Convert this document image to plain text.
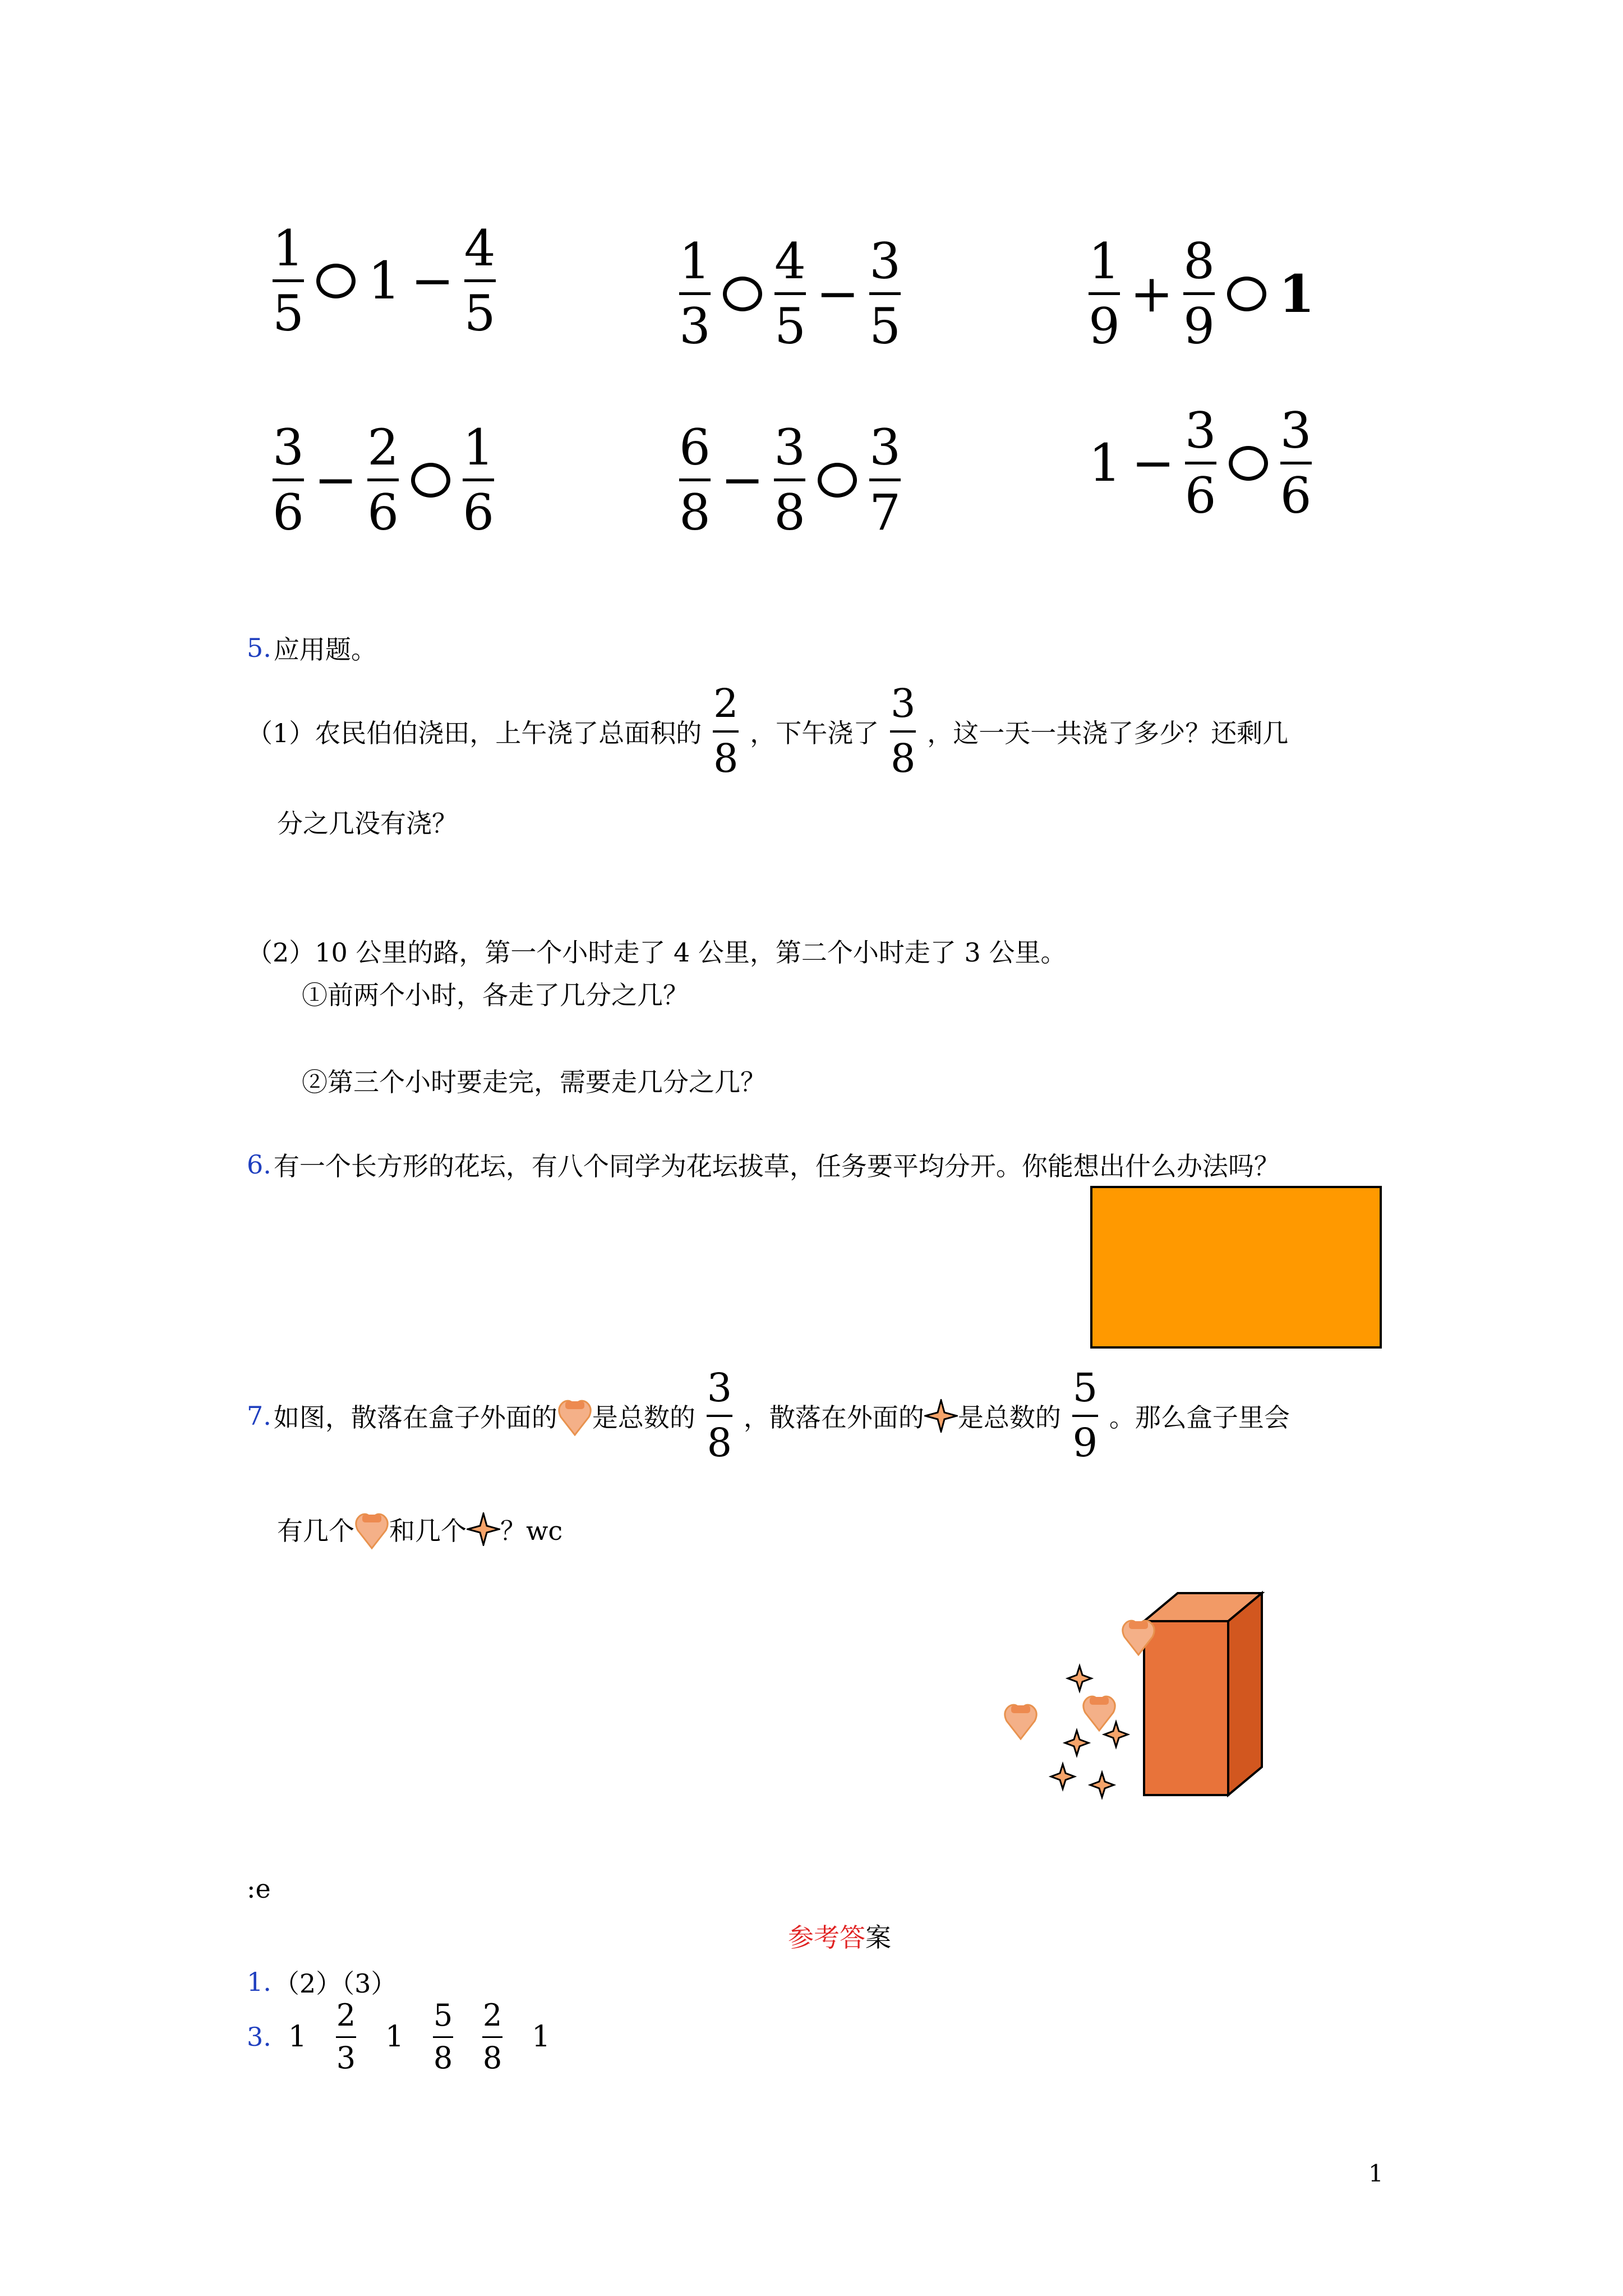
1
5
1 −
4
5
1
3
4
5
−
3
5
1
9
+
8
9
1
3
6
−
2
6
1
6
6
8
−
3
8
3
7
1 −
3
6
3
6
5. 应用题。
（1）农民伯伯浇田，上午浇了总面积的
2
8
，下午浇了
3
8
，这一天一共浇了多少？还剩几
分之几没有浇？
（2）10 公里的路，第一个小时走了 4 公里，第二个小时走了 3 公里。
①前两个小时，各走了几分之几？
②第三个小时要走完，需要走几分之几？
6. 有一个长方形的花坛，有八个同学为花坛拔草，任务要平均分开。你能想出什么办法吗？
7. 如图，散落在盒子外面的 是总数的
3
8
，散落在外面的 是总数的
5
9
。那么盒子里会
有几个 和几个 ？wc
:e
参考答 案
1. （2）（3）
3. 1
2
3
1
5
8
2
8
1
1
